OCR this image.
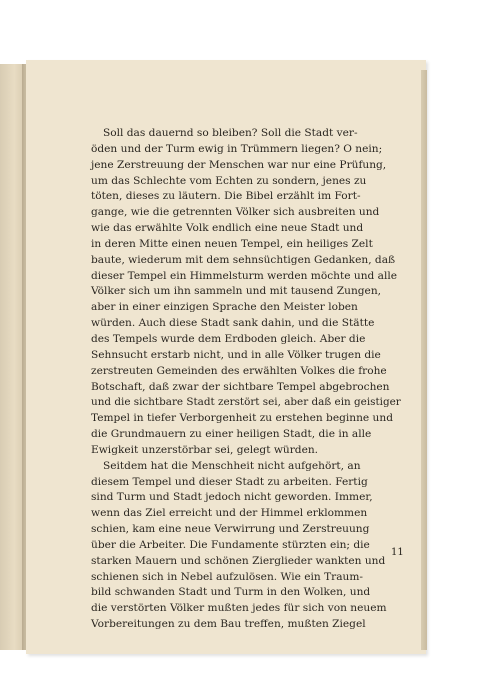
Soll das dauernd so bleiben? Soll die Stadt ver-
öden und der Turm ewig in Trümmern liegen? O nein;
jene Zerstreuung der Menschen war nur eine Prüfung,
um das Schlechte vom Echten zu sondern, jenes zu
töten, dieses zu läutern. Die Bibel erzählt im Fort-
gange, wie die getrennten Völker sich ausbreiten und
wie das erwählte Volk endlich eine neue Stadt und
in deren Mitte einen neuen Tempel, ein heiliges Zelt
baute, wiederum mit dem sehnsüchtigen Gedanken, daß
dieser Tempel ein Himmelsturm werden möchte und alle
Völker sich um ihn sammeln und mit tausend Zungen,
aber in einer einzigen Sprache den Meister loben
würden. Auch diese Stadt sank dahin, und die Stätte
des Tempels wurde dem Erdboden gleich. Aber die
Sehnsucht erstarb nicht, und in alle Völker trugen die
zerstreuten Gemeinden des erwählten Volkes die frohe
Botschaft, daß zwar der sichtbare Tempel abgebrochen
und die sichtbare Stadt zerstört sei, aber daß ein geistiger
Tempel in tiefer Verborgenheit zu erstehen beginne und
die Grundmauern zu einer heiligen Stadt, die in alle
Ewigkeit unzerstörbar sei, gelegt würden.
Seitdem hat die Menschheit nicht aufgehört, an
diesem Tempel und dieser Stadt zu arbeiten. Fertig
sind Turm und Stadt jedoch nicht geworden. Immer,
wenn das Ziel erreicht und der Himmel erklommen
schien, kam eine neue Verwirrung und Zerstreuung
über die Arbeiter. Die Fundamente stürzten ein; die
starken Mauern und schönen Zierglieder wankten und
schienen sich in Nebel aufzulösen. Wie ein Traum-
bild schwanden Stadt und Turm in den Wolken, und
die verstörten Völker mußten jedes für sich von neuem
Vorbereitungen zu dem Bau treffen, mußten Ziegel
11
